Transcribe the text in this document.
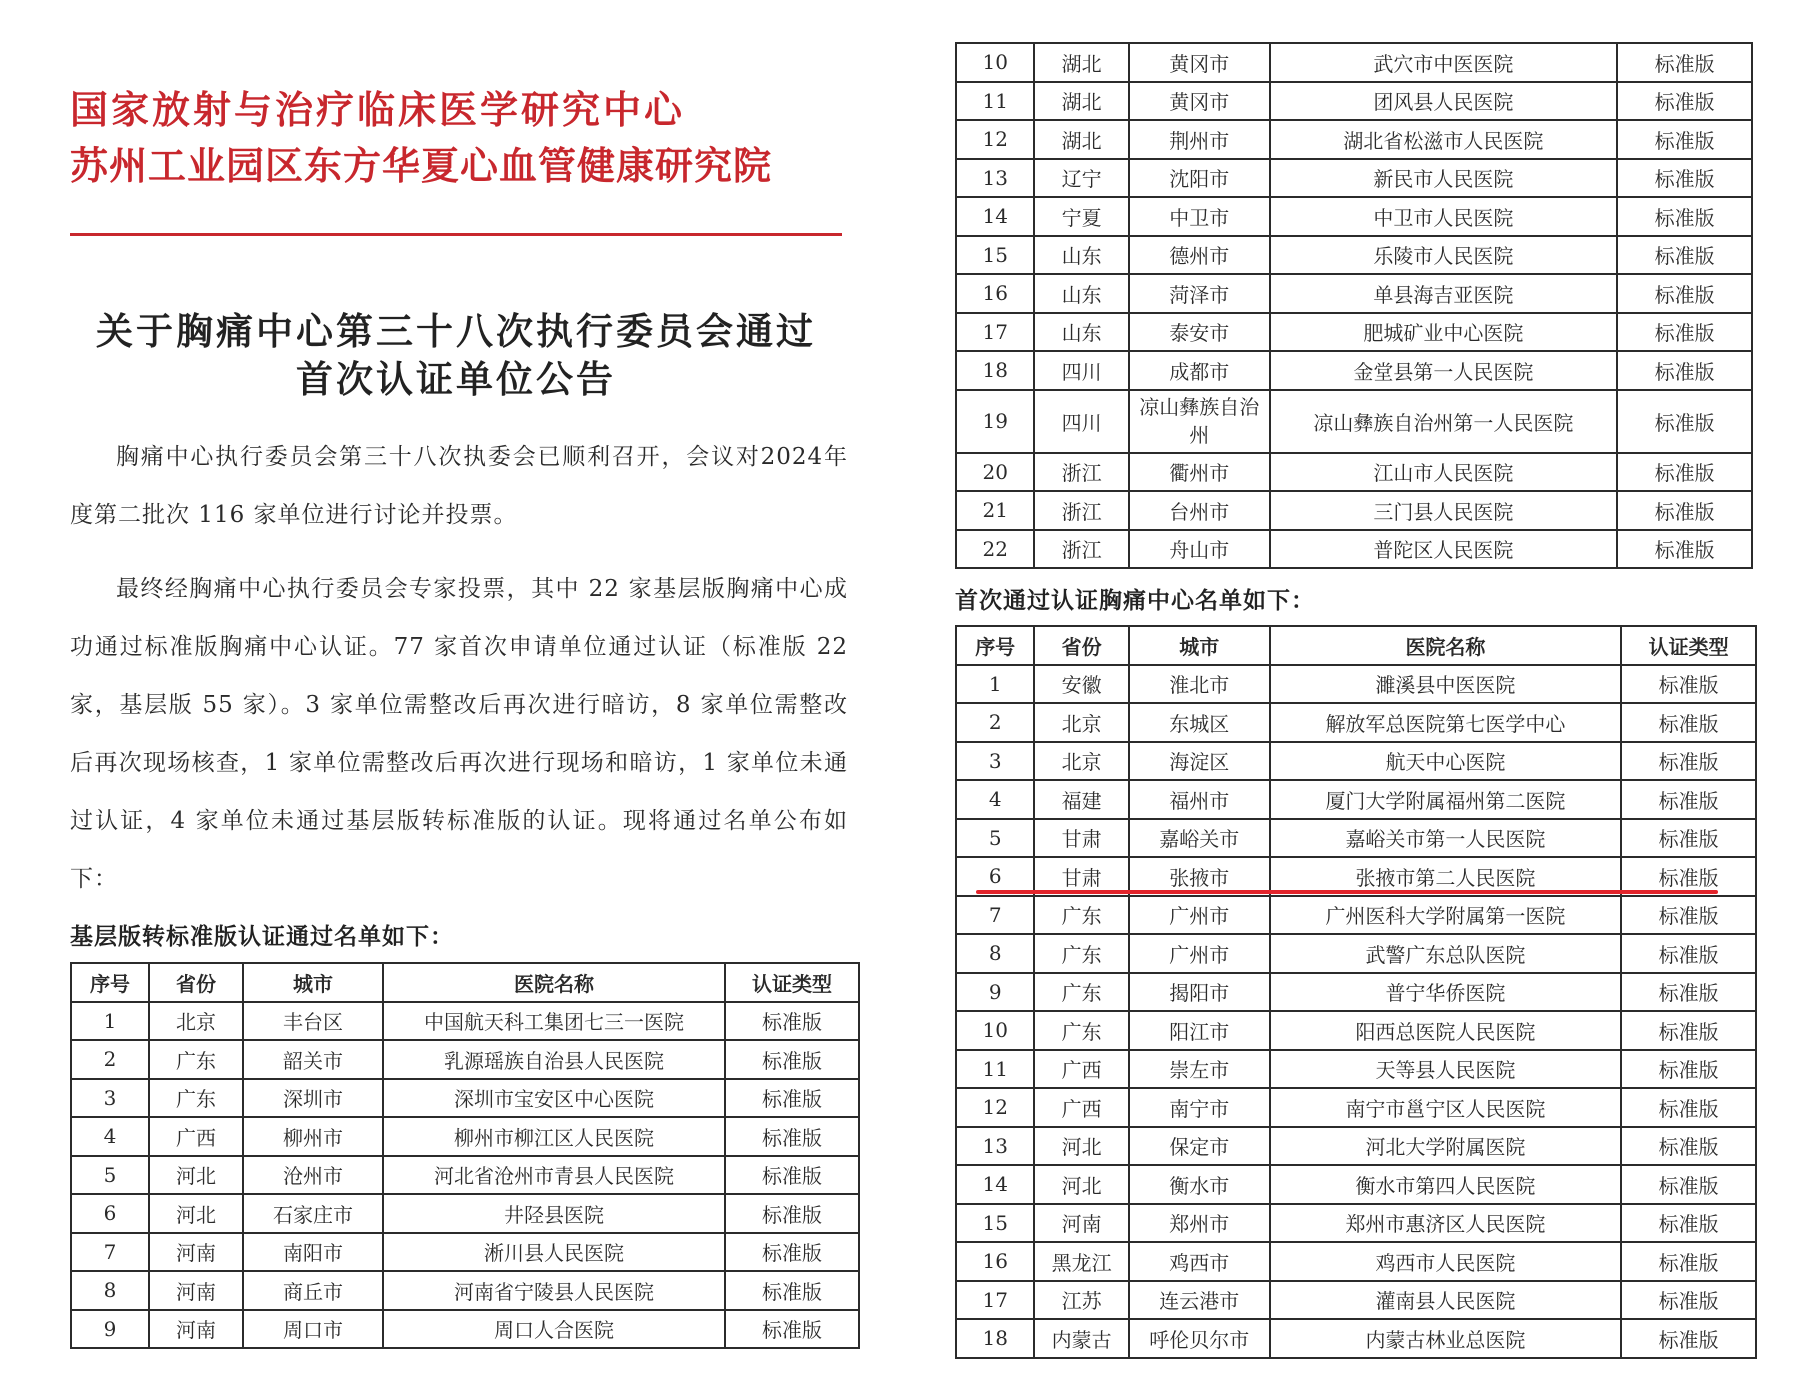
国家放射与治疗临床医学研究中心
苏州工业园区东方华夏心血管健康研究院
关于胸痛中心第三十八次执行委员会通过
首次认证单位公告
胸痛中心执行委员会第三十八次执委会已顺利召开，会议对2024年度第二批次 116 家单位进行讨论并投票。
最终经胸痛中心执行委员会专家投票，其中 22 家基层版胸痛中心成功通过标准版胸痛中心认证。77 家首次申请单位通过认证（标准版 22 家，基层版 55 家）。3 家单位需整改后再次进行暗访，8 家单位需整改后再次现场核查，1 家单位需整改后再次进行现场和暗访，1 家单位未通过认证，4 家单位未通过基层版转标准版的认证。现将通过名单公布如下：
基层版转标准版认证通过名单如下：
序号	省份	城市	医院名称	认证类型
1	北京	丰台区	中国航天科工集团七三一医院	标准版
2	广东	韶关市	乳源瑶族自治县人民医院	标准版
3	广东	深圳市	深圳市宝安区中心医院	标准版
4	广西	柳州市	柳州市柳江区人民医院	标准版
5	河北	沧州市	河北省沧州市青县人民医院	标准版
6	河北	石家庄市	井陉县医院	标准版
7	河南	南阳市	淅川县人民医院	标准版
8	河南	商丘市	河南省宁陵县人民医院	标准版
9	河南	周口市	周口人合医院	标准版
10	湖北	黄冈市	武穴市中医医院	标准版
11	湖北	黄冈市	团风县人民医院	标准版
12	湖北	荆州市	湖北省松滋市人民医院	标准版
13	辽宁	沈阳市	新民市人民医院	标准版
14	宁夏	中卫市	中卫市人民医院	标准版
15	山东	德州市	乐陵市人民医院	标准版
16	山东	菏泽市	单县海吉亚医院	标准版
17	山东	泰安市	肥城矿业中心医院	标准版
18	四川	成都市	金堂县第一人民医院	标准版
19	四川	凉山彝族自治州	凉山彝族自治州第一人民医院	标准版
20	浙江	衢州市	江山市人民医院	标准版
21	浙江	台州市	三门县人民医院	标准版
22	浙江	舟山市	普陀区人民医院	标准版
首次通过认证胸痛中心名单如下：
序号	省份	城市	医院名称	认证类型
1	安徽	淮北市	濉溪县中医医院	标准版
2	北京	东城区	解放军总医院第七医学中心	标准版
3	北京	海淀区	航天中心医院	标准版
4	福建	福州市	厦门大学附属福州第二医院	标准版
5	甘肃	嘉峪关市	嘉峪关市第一人民医院	标准版
6	甘肃	张掖市	张掖市第二人民医院	标准版
7	广东	广州市	广州医科大学附属第一医院	标准版
8	广东	广州市	武警广东总队医院	标准版
9	广东	揭阳市	普宁华侨医院	标准版
10	广东	阳江市	阳西总医院人民医院	标准版
11	广西	崇左市	天等县人民医院	标准版
12	广西	南宁市	南宁市邕宁区人民医院	标准版
13	河北	保定市	河北大学附属医院	标准版
14	河北	衡水市	衡水市第四人民医院	标准版
15	河南	郑州市	郑州市惠济区人民医院	标准版
16	黑龙江	鸡西市	鸡西市人民医院	标准版
17	江苏	连云港市	灌南县人民医院	标准版
18	内蒙古	呼伦贝尔市	内蒙古林业总医院	标准版
